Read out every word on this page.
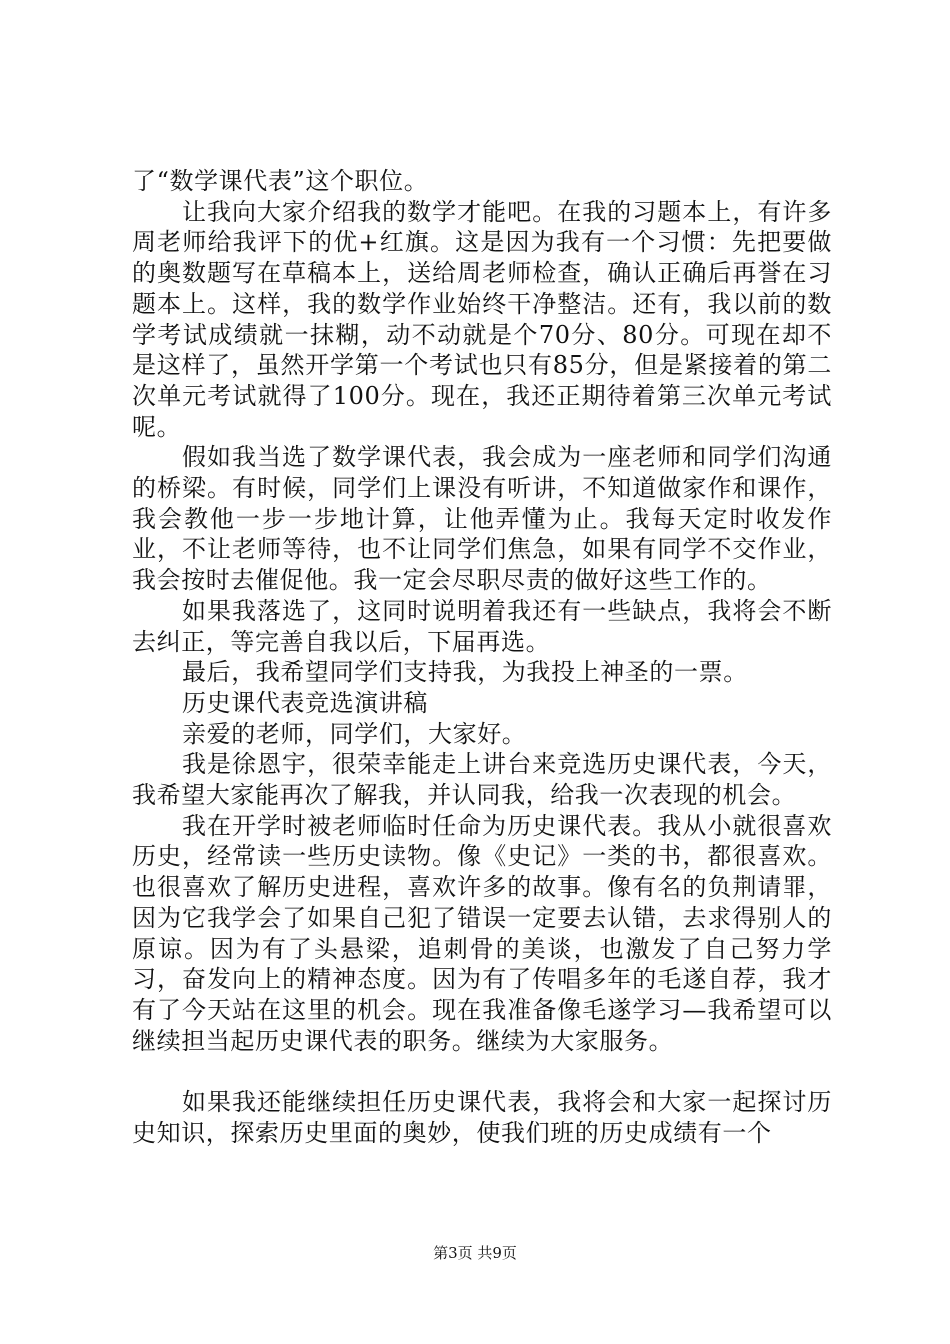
了“数学课代表”这个职位。

让我向大家介绍我的数学才能吧。在我的习题本上，有许多周老师给我评下的优+红旗。这是因为我有一个习惯：先把要做的奥数题写在草稿本上，送给周老师检查，确认正确后再誉在习题本上。这样，我的数学作业始终干净整洁。还有，我以前的数学考试成绩就一抹糊，动不动就是个70分、80分。可现在却不是这样了，虽然开学第一个考试也只有85分，但是紧接着的第二次单元考试就得了100分。现在，我还正期待着第三次单元考试呢。

假如我当选了数学课代表，我会成为一座老师和同学们沟通的桥梁。有时候，同学们上课没有听讲，不知道做家作和课作，我会教他一步一步地计算，让他弄懂为止。我每天定时收发作业，不让老师等待，也不让同学们焦急，如果有同学不交作业，我会按时去催促他。我一定会尽职尽责的做好这些工作的。

如果我落选了，这同时说明着我还有一些缺点，我将会不断去纠正，等完善自我以后，下届再选。

最后，我希望同学们支持我，为我投上神圣的一票。

历史课代表竞选演讲稿

亲爱的老师，同学们，大家好。

我是徐恩宇，很荣幸能走上讲台来竞选历史课代表，今天，我希望大家能再次了解我，并认同我，给我一次表现的机会。

我在开学时被老师临时任命为历史课代表。我从小就很喜欢历史，经常读一些历史读物。像《史记》一类的书，都很喜欢。也很喜欢了解历史进程，喜欢许多的故事。像有名的负荆请罪，因为它我学会了如果自己犯了错误一定要去认错，去求得别人的原谅。因为有了头悬梁，追刺骨的美谈，也激发了自己努力学习，奋发向上的精神态度。因为有了传唱多年的毛遂自荐，我才有了今天站在这里的机会。现在我准备像毛遂学习—我希望可以继续担当起历史课代表的职务。继续为大家服务。

如果我还能继续担任历史课代表，我将会和大家一起探讨历史知识，探索历史里面的奥妙，使我们班的历史成绩有一个

第3页 共9页
